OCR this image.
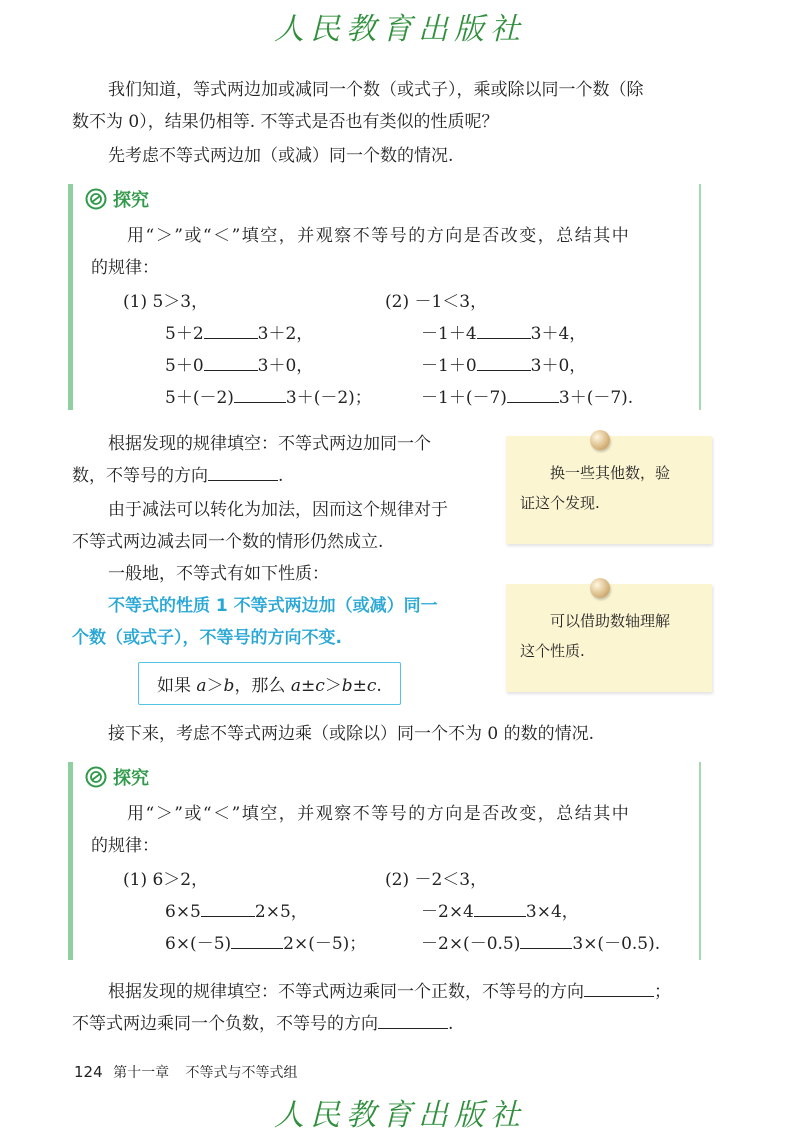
人民教育出版社
我们知道，等式两边加或减同一个数（或式子），乘或除以同一个数（除
数不为 0），结果仍相等. 不等式是否也有类似的性质呢？
先考虑不等式两边加（或减）同一个数的情况.
探究
用“＞”或“＜”填空，并观察不等号的方向是否改变，总结其中
的规律：
(1) 5＞3，
5＋2	3＋2，
5＋0	3＋0，
5＋(－2)	3＋(－2)；
(2) －1＜3，
－1＋4	3＋4，
－1＋0	3＋0，
－1＋(－7)	3＋(－7).
根据发现的规律填空：不等式两边加同一个
数，不等号的方向	.
由于减法可以转化为加法，因而这个规律对于
不等式两边减去同一个数的情形仍然成立.
一般地，不等式有如下性质：
不等式的性质 1 不等式两边加（或减）同一
个数（或式子），不等号的方向不变.
如果 a＞b，那么 a±c＞b±c.
换一些其他数，验
证这个发现.
可以借助数轴理解
这个性质.
接下来，考虑不等式两边乘（或除以）同一个不为 0 的数的情况.
探究
用“＞”或“＜”填空，并观察不等号的方向是否改变，总结其中
的规律：
(1) 6＞2，
6×5	2×5，
6×(－5)	2×(－5)；
(2) －2＜3，
－2×4	3×4，
－2×(－0.5)	3×(－0.5).
根据发现的规律填空：不等式两边乘同一个正数，不等号的方向	；
不等式两边乘同一个负数，不等号的方向	.
124 第十一章 不等式与不等式组
人民教育出版社
